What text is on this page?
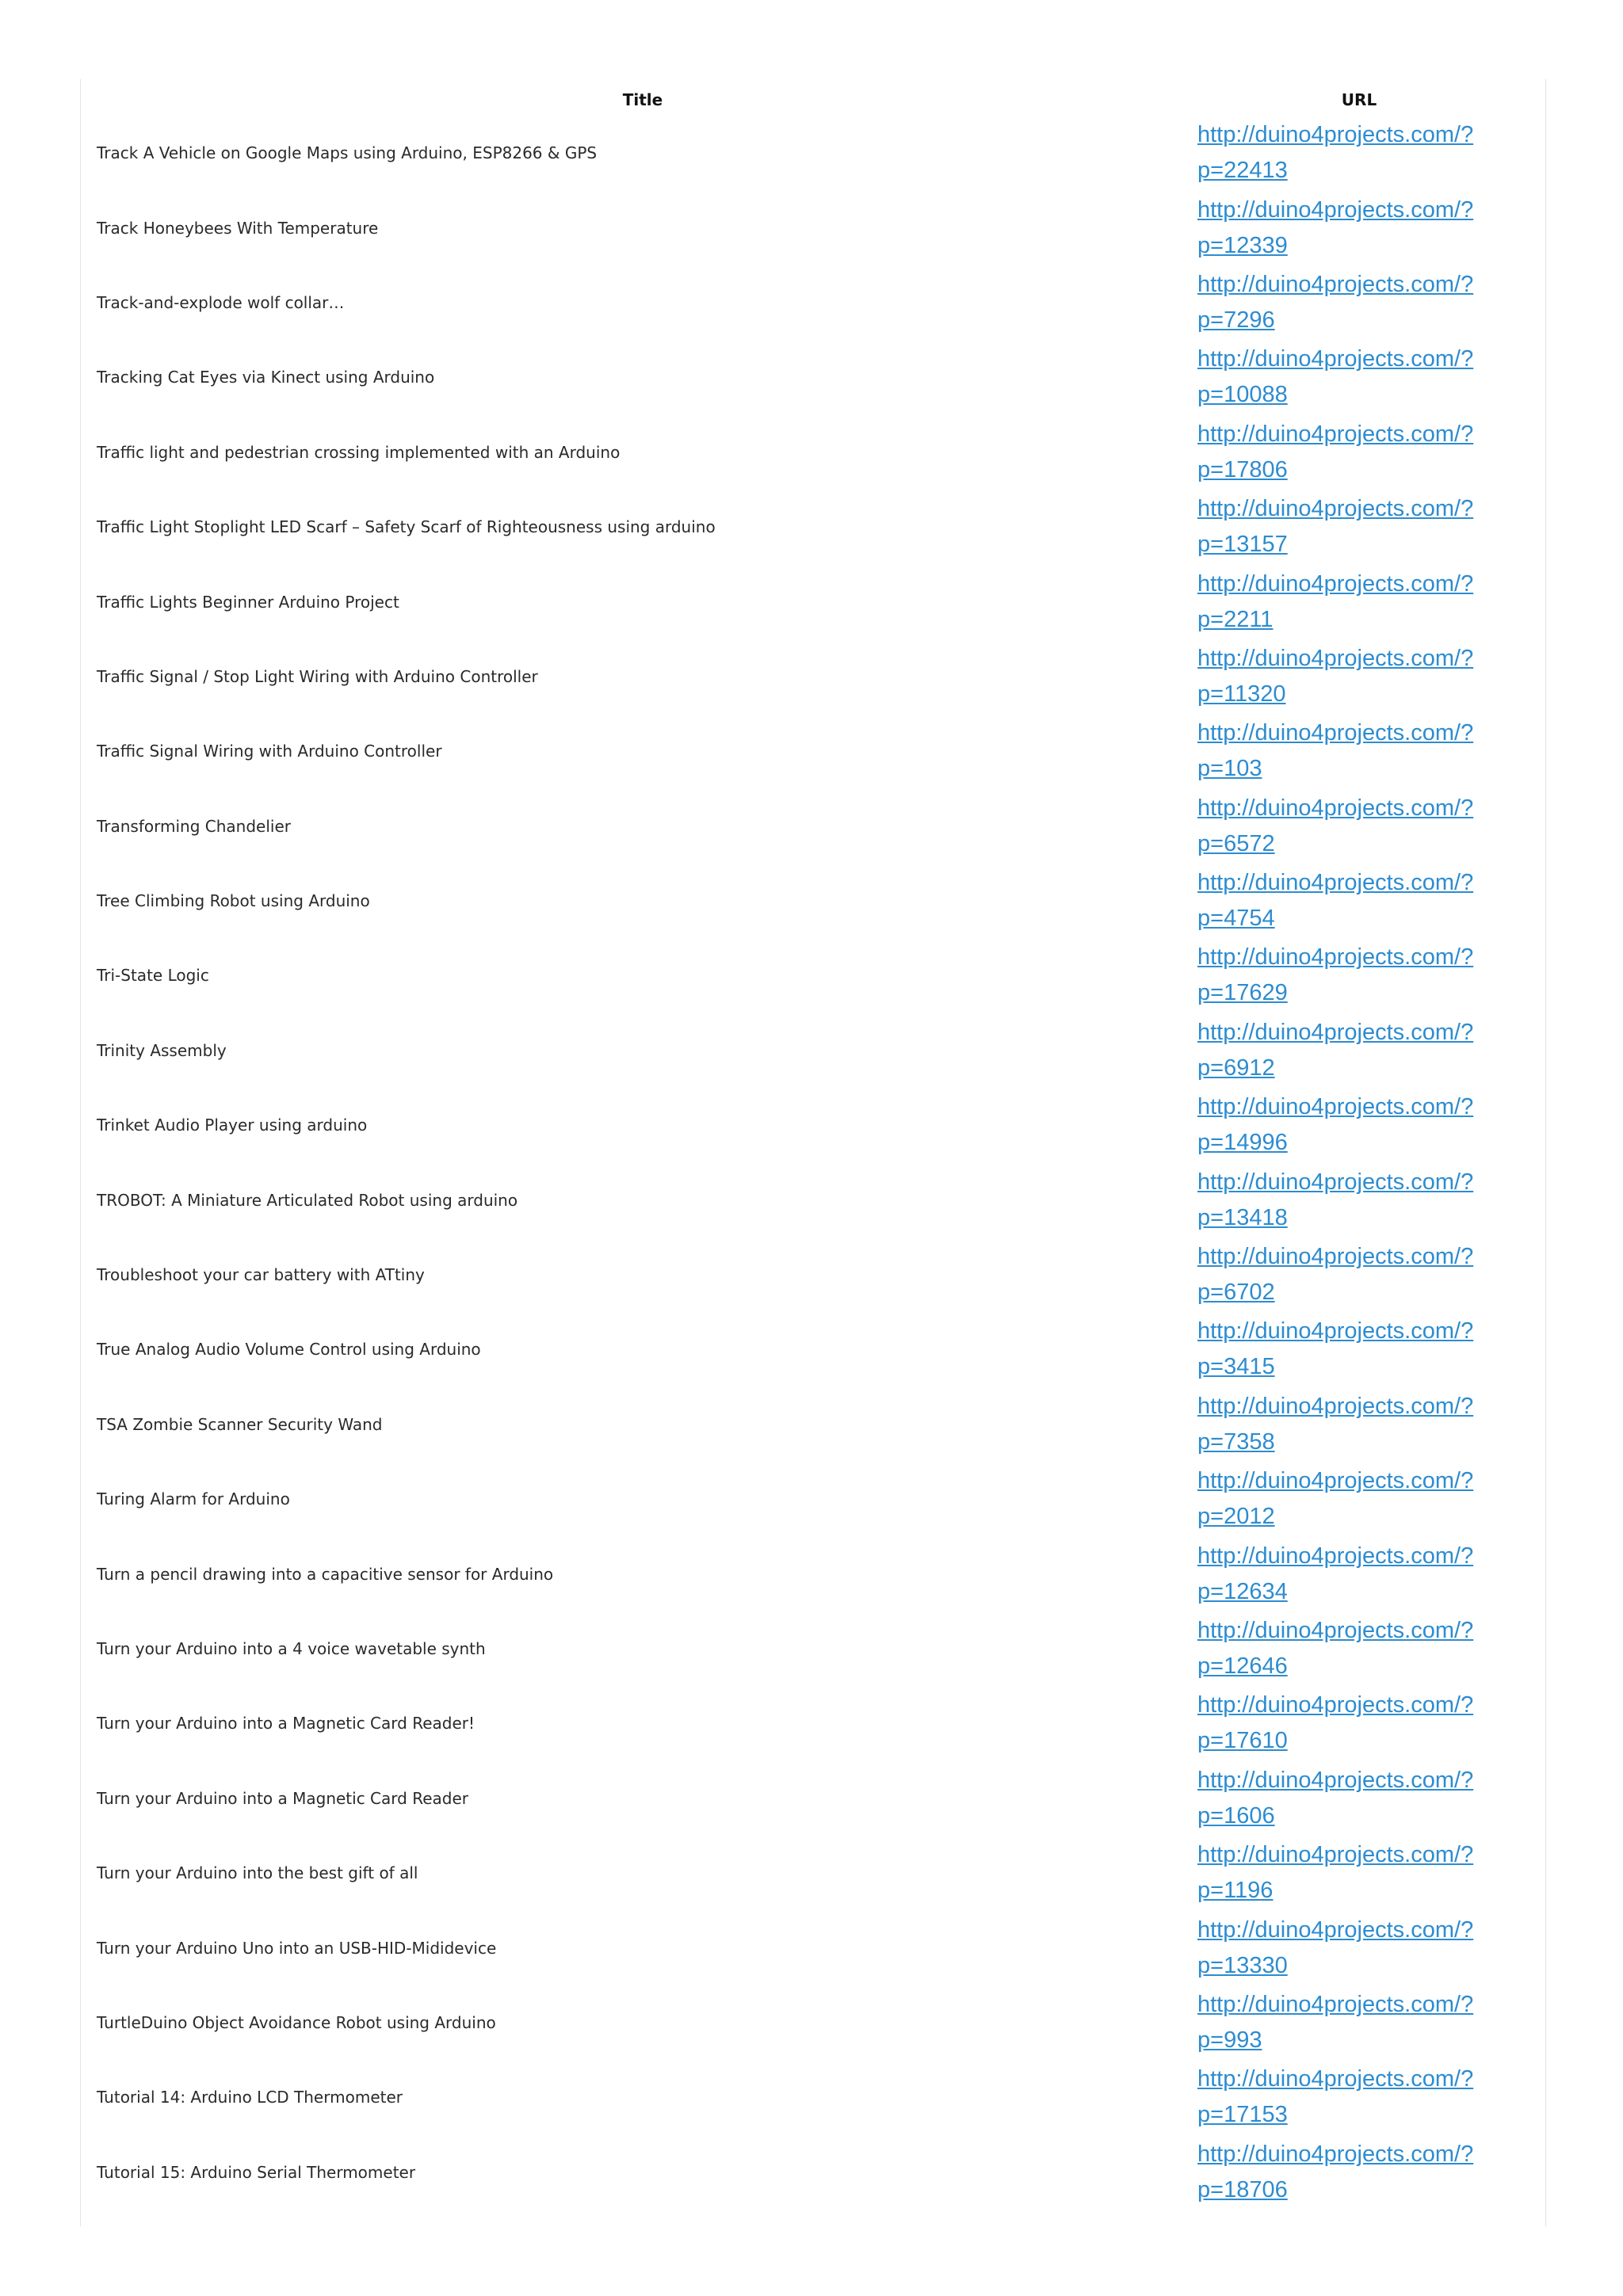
Title	URL
Track A Vehicle on Google Maps using Arduino, ESP8266 & GPS	http://duino4projects.com/?p=22413

Track Honeybees With Temperature	http://duino4projects.com/?p=12339

Track-and-explode wolf collar…	http://duino4projects.com/?p=7296

Tracking Cat Eyes via Kinect using Arduino	http://duino4projects.com/?p=10088

Traffic light and pedestrian crossing implemented with an Arduino	http://duino4projects.com/?p=17806

Traffic Light Stoplight LED Scarf – Safety Scarf of Righteousness using arduino	http://duino4projects.com/?p=13157

Traffic Lights Beginner Arduino Project	http://duino4projects.com/?p=2211

Traffic Signal / Stop Light Wiring with Arduino Controller	http://duino4projects.com/?p=11320

Traffic Signal Wiring with Arduino Controller	http://duino4projects.com/?p=103

Transforming Chandelier	http://duino4projects.com/?p=6572

Tree Climbing Robot using Arduino	http://duino4projects.com/?p=4754

Tri-State Logic	http://duino4projects.com/?p=17629

Trinity Assembly	http://duino4projects.com/?p=6912

Trinket Audio Player using arduino	http://duino4projects.com/?p=14996

TROBOT: A Miniature Articulated Robot using arduino	http://duino4projects.com/?p=13418

Troubleshoot your car battery with ATtiny	http://duino4projects.com/?p=6702

True Analog Audio Volume Control using Arduino	http://duino4projects.com/?p=3415

TSA Zombie Scanner Security Wand	http://duino4projects.com/?p=7358

Turing Alarm for Arduino	http://duino4projects.com/?p=2012

Turn a pencil drawing into a capacitive sensor for Arduino	http://duino4projects.com/?p=12634

Turn your Arduino into a 4 voice wavetable synth	http://duino4projects.com/?p=12646

Turn your Arduino into a Magnetic Card Reader!	http://duino4projects.com/?p=17610

Turn your Arduino into a Magnetic Card Reader	http://duino4projects.com/?p=1606

Turn your Arduino into the best gift of all	http://duino4projects.com/?p=1196

Turn your Arduino Uno into an USB-HID-Mididevice	http://duino4projects.com/?p=13330

TurtleDuino Object Avoidance Robot using Arduino	http://duino4projects.com/?p=993

Tutorial 14: Arduino LCD Thermometer	http://duino4projects.com/?p=17153

Tutorial 15: Arduino Serial Thermometer	http://duino4projects.com/?p=18706
